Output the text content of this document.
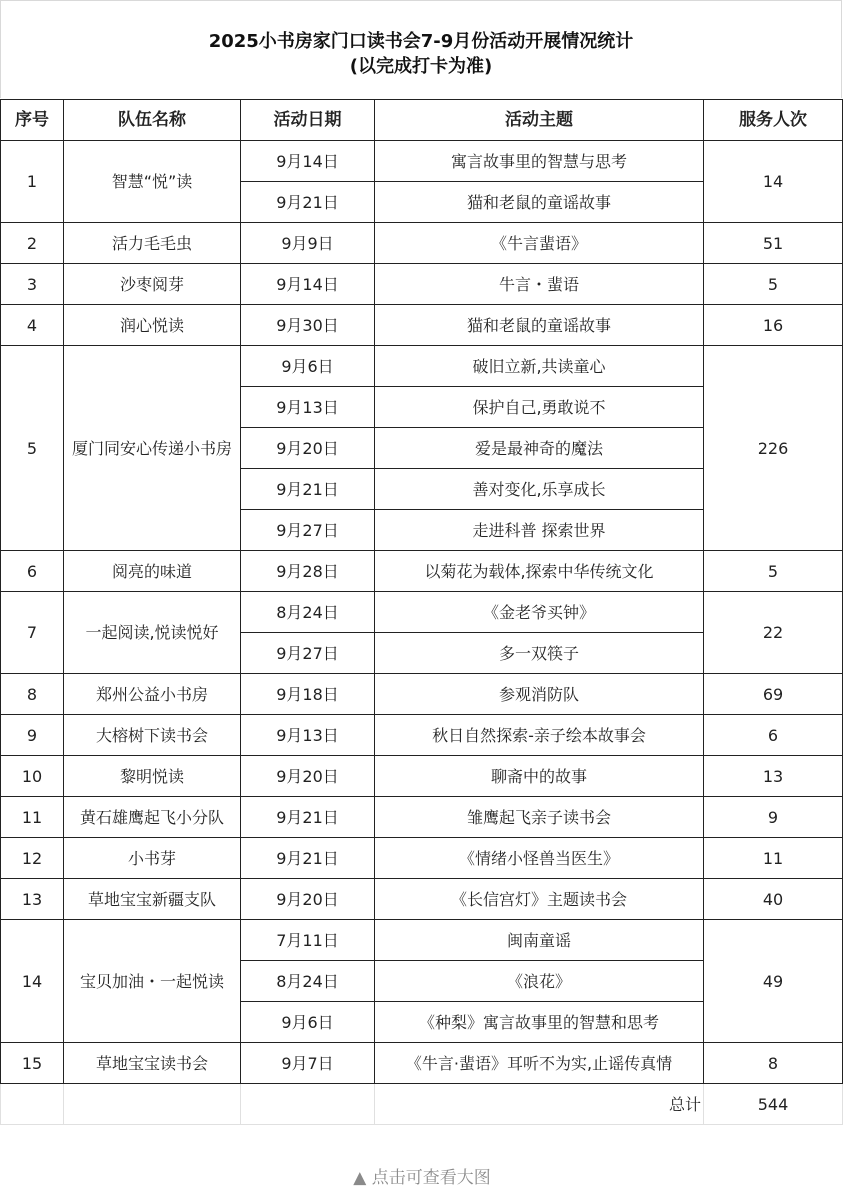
2025小书房家门口读书会7-9月份活动开展情况统计
(以完成打卡为准)
序号	队伍名称	活动日期	活动主题	服务人次
1	智慧“悦”读	9月14日	寓言故事里的智慧与思考	14
		9月21日	猫和老鼠的童谣故事	
2	活力毛毛虫	9月9日	《牛言蜚语》	51
3	沙枣阅芽	9月14日	牛言・蜚语	5
4	润心悦读	9月30日	猫和老鼠的童谣故事	16
5	厦门同安心传递小书房	9月6日	破旧立新,共读童心	226
		9月13日	保护自己,勇敢说不	
		9月20日	爱是最神奇的魔法	
		9月21日	善对变化,乐享成长	
		9月27日	走进科普 探索世界	
6	阅亮的味道	9月28日	以菊花为载体,探索中华传统文化	5
7	一起阅读,悦读悦好	8月24日	《金老爷买钟》	22
		9月27日	多一双筷子	
8	郑州公益小书房	9月18日	参观消防队	69
9	大榕树下读书会	9月13日	秋日自然探索-亲子绘本故事会	6
10	黎明悦读	9月20日	聊斋中的故事	13
11	黄石雄鹰起飞小分队	9月21日	雏鹰起飞亲子读书会	9
12	小书芽	9月21日	《情绪小怪兽当医生》	11
13	草地宝宝新疆支队	9月20日	《长信宫灯》主题读书会	40
14	宝贝加油・一起悦读	7月11日	闽南童谣	49
		8月24日	《浪花》	
		9月6日	《种梨》寓言故事里的智慧和思考	
15	草地宝宝读书会	9月7日	《牛言·蜚语》耳听不为实,止谣传真情	8
			总计	544
▲ 点击可查看大图
